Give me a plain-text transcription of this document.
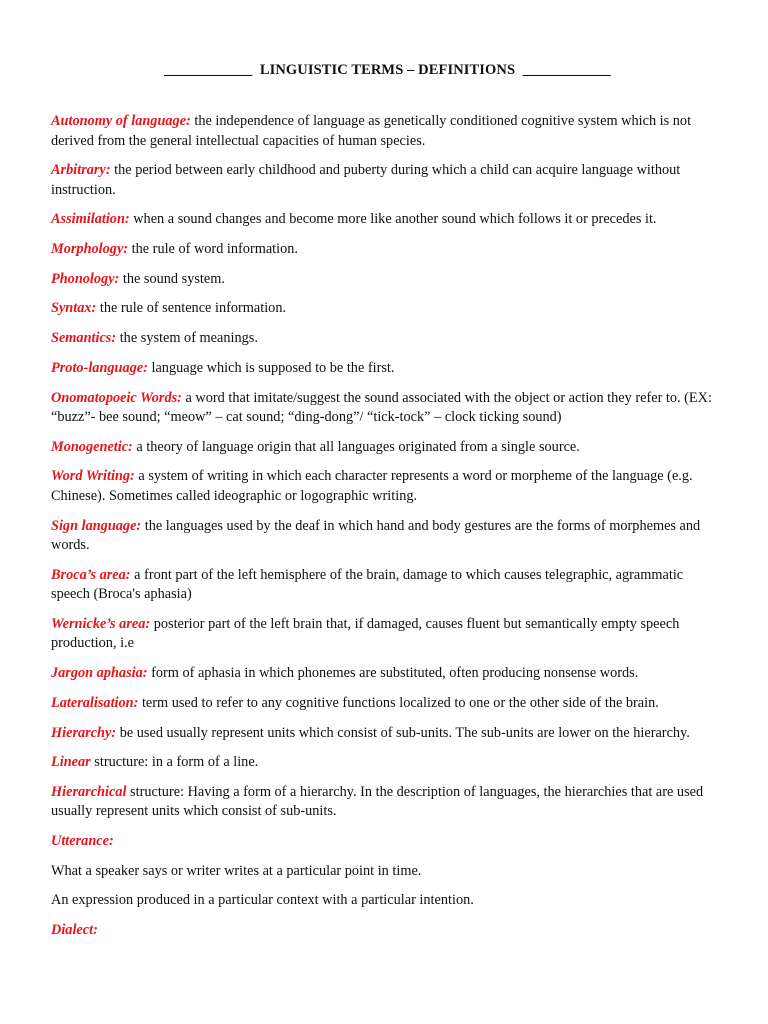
____________ LINGUISTIC TERMS – DEFINITIONS ____________

Autonomy of language: the independence of language as genetically conditioned cognitive system which is not derived from the general intellectual capacities of human species.

Arbitrary: the period between early childhood and puberty during which a child can acquire language without instruction.

Assimilation: when a sound changes and become more like another sound which follows it or precedes it.

Morphology: the rule of word information.

Phonology: the sound system.

Syntax: the rule of sentence information.

Semantics: the system of meanings.

Proto-language: language which is supposed to be the first.

Onomatopoeic Words: a word that imitate/suggest the sound associated with the object or action they refer to. (EX: “buzz”- bee sound; “meow” – cat sound; “ding-dong”/ “tick-tock” – clock ticking sound)

Monogenetic: a theory of language origin that all languages originated from a single source.

Word Writing: a system of writing in which each character represents a word or morpheme of the language (e.g. Chinese). Sometimes called ideographic or logographic writing.

Sign language: the languages used by the deaf in which hand and body gestures are the forms of morphemes and words.

Broca’s area: a front part of the left hemisphere of the brain, damage to which causes telegraphic, agrammatic speech (Broca's aphasia)

Wernicke’s area: posterior part of the left brain that, if damaged, causes fluent but semantically empty speech production, i.e

Jargon aphasia: form of aphasia in which phonemes are substituted, often producing nonsense words.

Lateralisation: term used to refer to any cognitive functions localized to one or the other side of the brain.

Hierarchy: be used usually represent units which consist of sub-units. The sub-units are lower on the hierarchy.

Linear structure: in a form of a line.

Hierarchical structure: Having a form of a hierarchy. In the description of languages, the hierarchies that are used usually represent units which consist of sub-units.

Utterance:

What a speaker says or writer writes at a particular point in time.

An expression produced in a particular context with a particular intention.

Dialect:
